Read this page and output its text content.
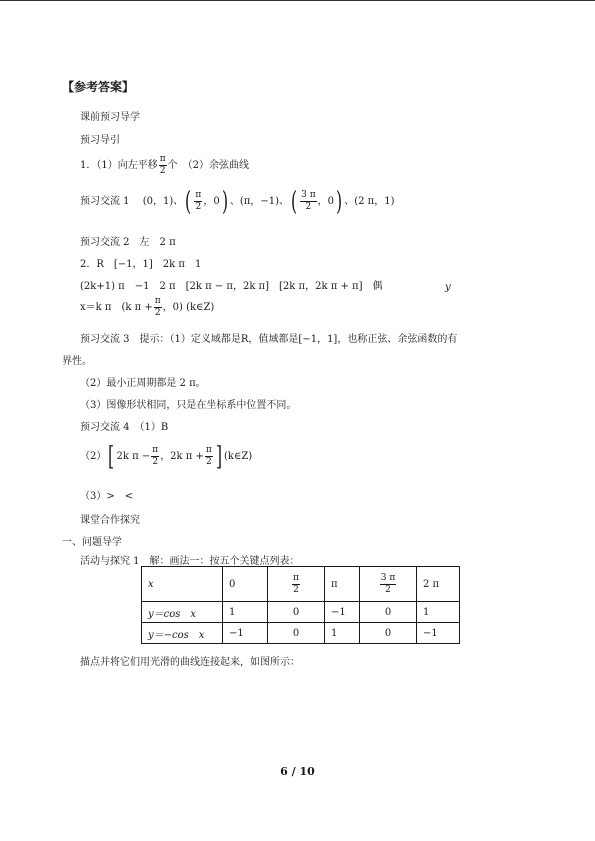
【参考答案】
课前预习导学
预习导引
1．（1）向左平移 $\frac{\pi}{2}$ 个　（2）余弦曲线
预习交流 1　 (0，1)、( $\frac{\pi}{2}$ ，0) 、(π，−1)、( $\frac{3 \pi}{2}$ ，0) 、(2 π，1)
预习交流 2　左　2 π
2．R　[−1，1]　2k π　1
(2k+1) π　−1　2 π　[2k π − π，2k π]　[2k π，2k π + π]　偶	y
x＝k π　(k $\pi + \frac{\pi}{2}$ ，0) (k∈Z)
预习交流 3　提示：（1）定义域都是R，值域都是[−1，1]，也称正弦、余弦函数的有
界性。
（2）最小正周期都是 2 π。
（3）图像形状相同，只是在坐标系中位置不同。
预习交流 4　（1）B
（2）[ 2k $\pi - \frac{\pi}{2}$ ，2k $\pi + \frac{\pi}{2}$ ] (k∈Z)
（3）>　<
课堂合作探究
一、问题导学
活动与探究 1　解：画法一：按五个关键点列表：
x	0	$\frac{\pi}{2}$	π	$\frac{3 \pi}{2}$	2 π
y＝cos　x	1	0	−1	0	1
y＝−cos　x	−1	0	1	0	−1
描点并将它们用光滑的曲线连接起来，如图所示：
6 / 10
